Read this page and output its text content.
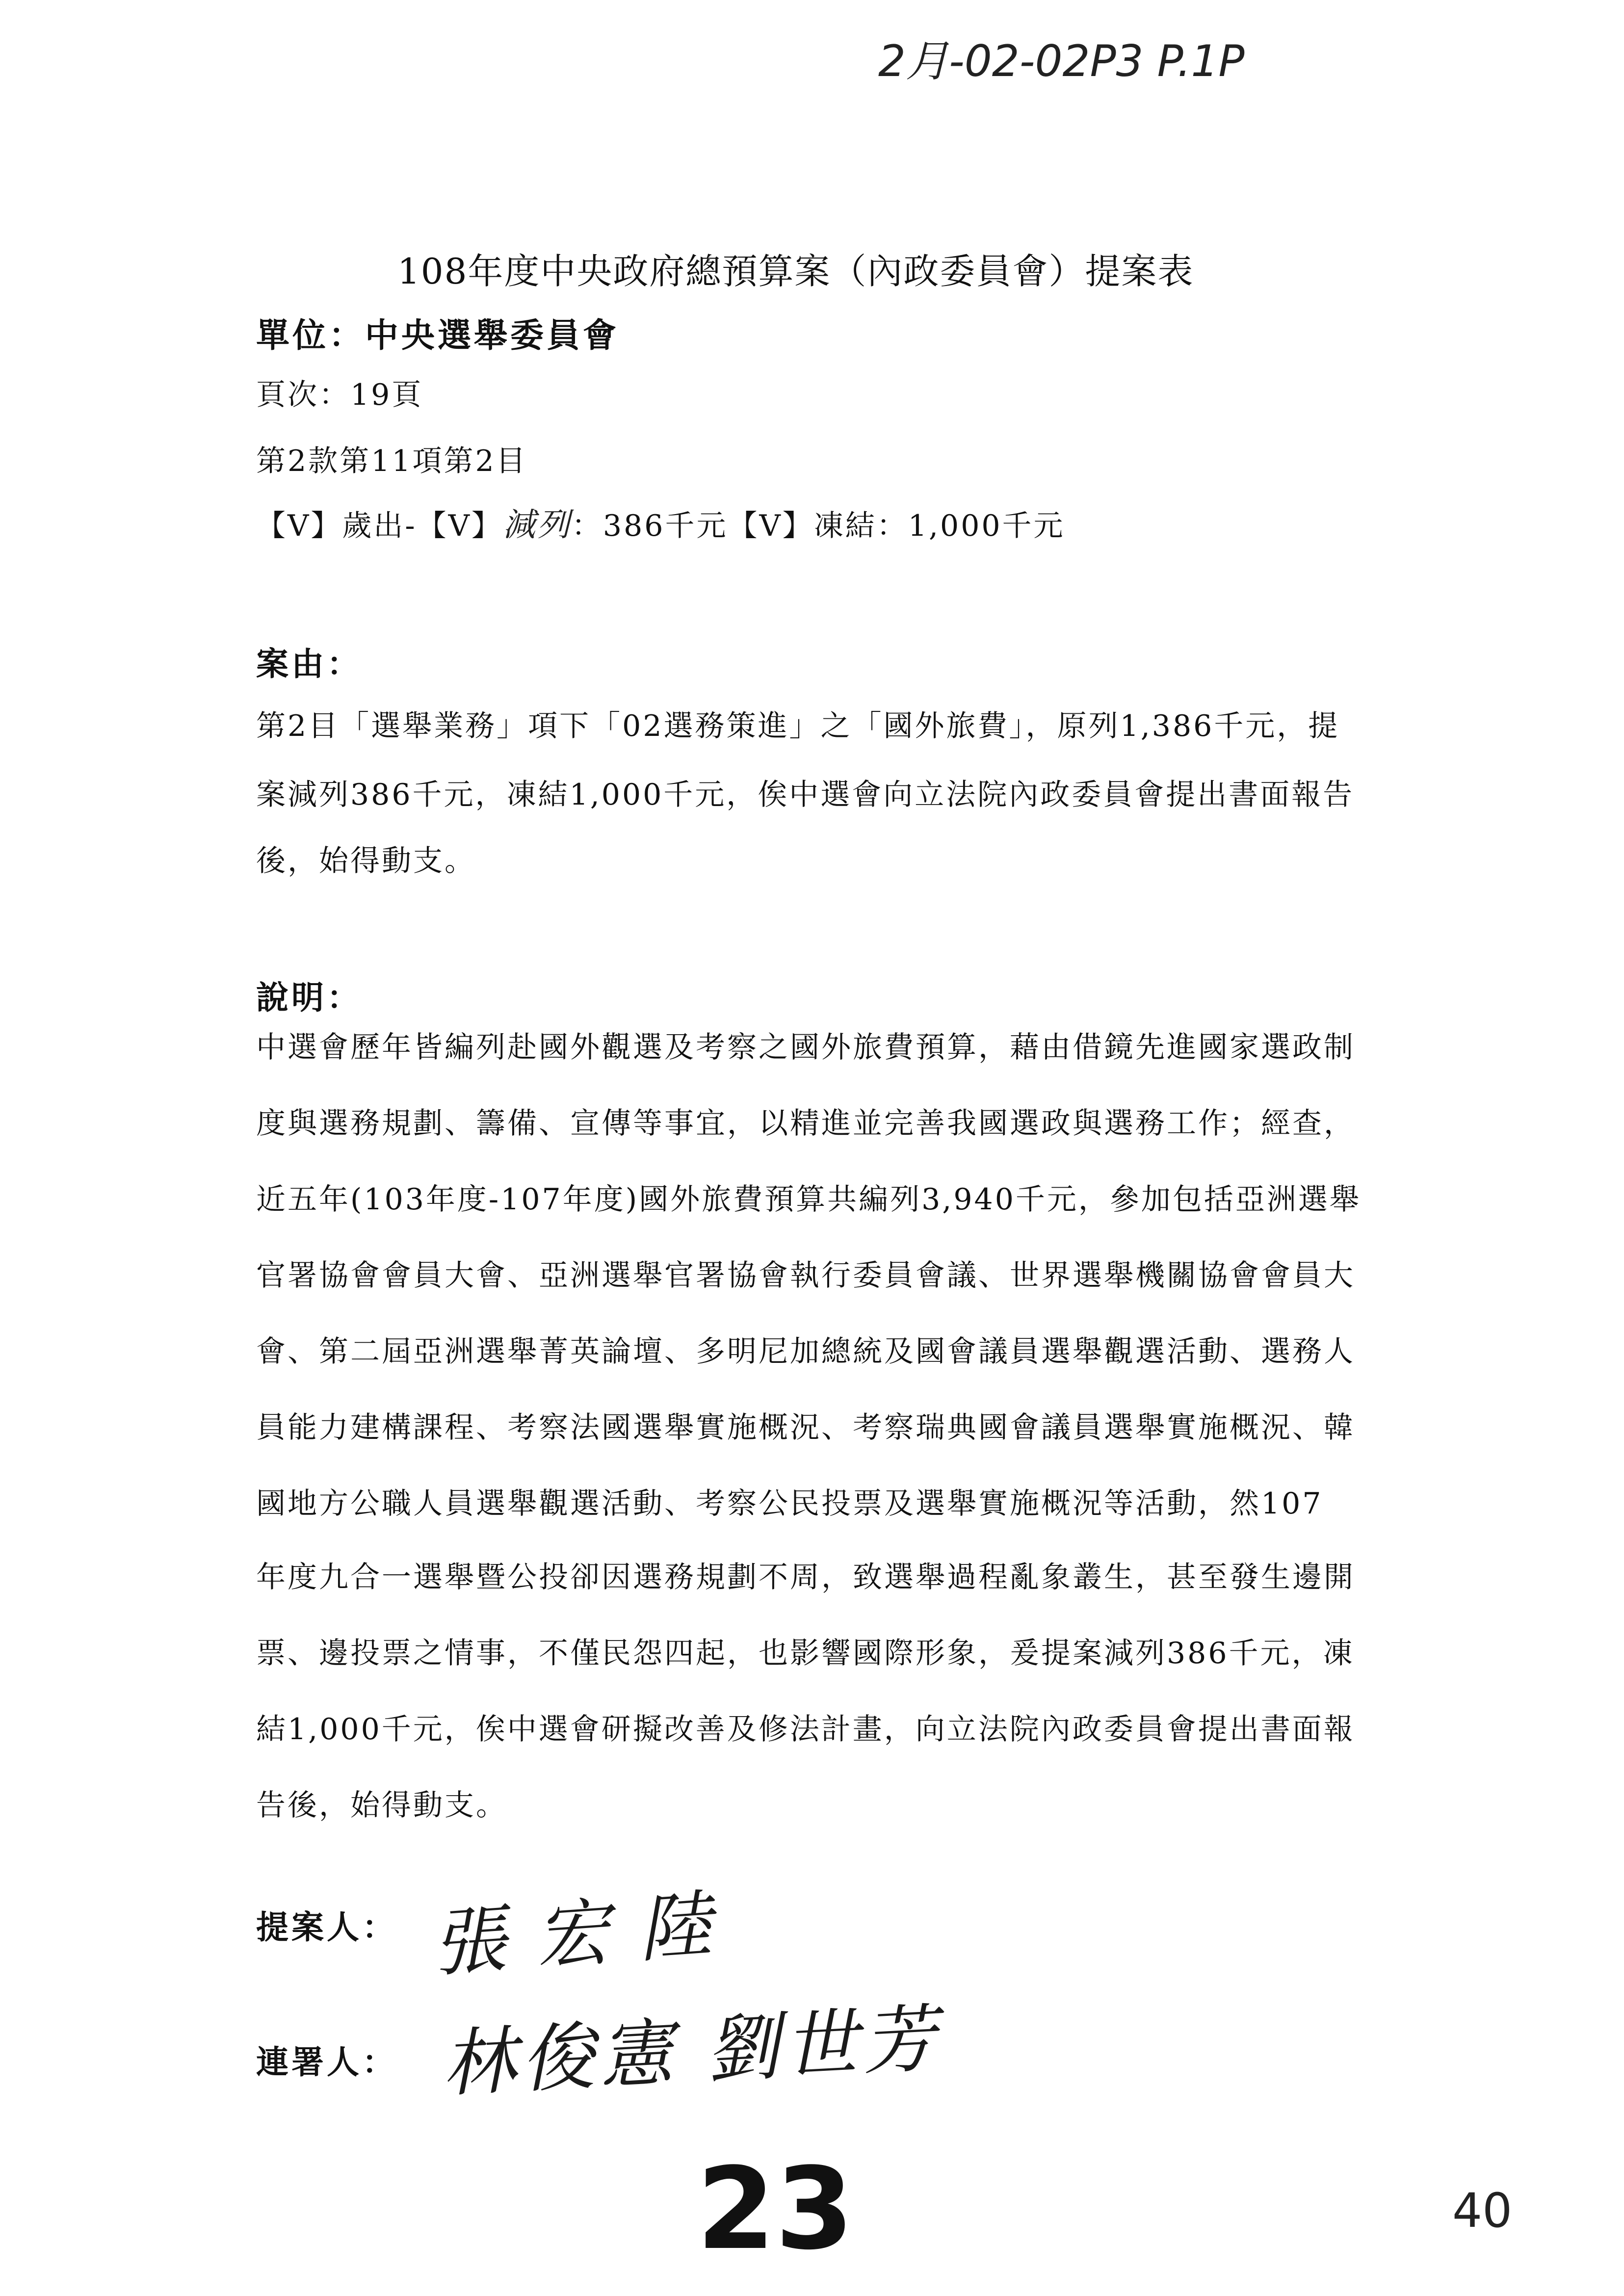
2月-02-02P3 P.1P
108年度中央政府總預算案（內政委員會）提案表
單位：中央選舉委員會
頁次：19頁
第2款第11項第2目
【V】歲出-【V】減列：386千元【V】凍結：1,000千元
案由：
第2目「選舉業務」項下「02選務策進」之「國外旅費」，原列1,386千元，提
案減列386千元，凍結1,000千元，俟中選會向立法院內政委員會提出書面報告
後，始得動支。
說明：
中選會歷年皆編列赴國外觀選及考察之國外旅費預算，藉由借鏡先進國家選政制
度與選務規劃、籌備、宣傳等事宜，以精進並完善我國選政與選務工作；經查，
近五年(103年度-107年度)國外旅費預算共編列3,940千元，參加包括亞洲選舉
官署協會會員大會、亞洲選舉官署協會執行委員會議、世界選舉機關協會會員大
會、第二屆亞洲選舉菁英論壇、多明尼加總統及國會議員選舉觀選活動、選務人
員能力建構課程、考察法國選舉實施概況、考察瑞典國會議員選舉實施概況、韓
國地方公職人員選舉觀選活動、考察公民投票及選舉實施概況等活動，然107
年度九合一選舉暨公投卻因選務規劃不周，致選舉過程亂象叢生，甚至發生邊開
票、邊投票之情事，不僅民怨四起，也影響國際形象，爰提案減列386千元，凍
結1,000千元，俟中選會研擬改善及修法計畫，向立法院內政委員會提出書面報
告後，始得動支。
提案人： 張宏陸
連署人： 林俊憲 劉世芳
23	40
